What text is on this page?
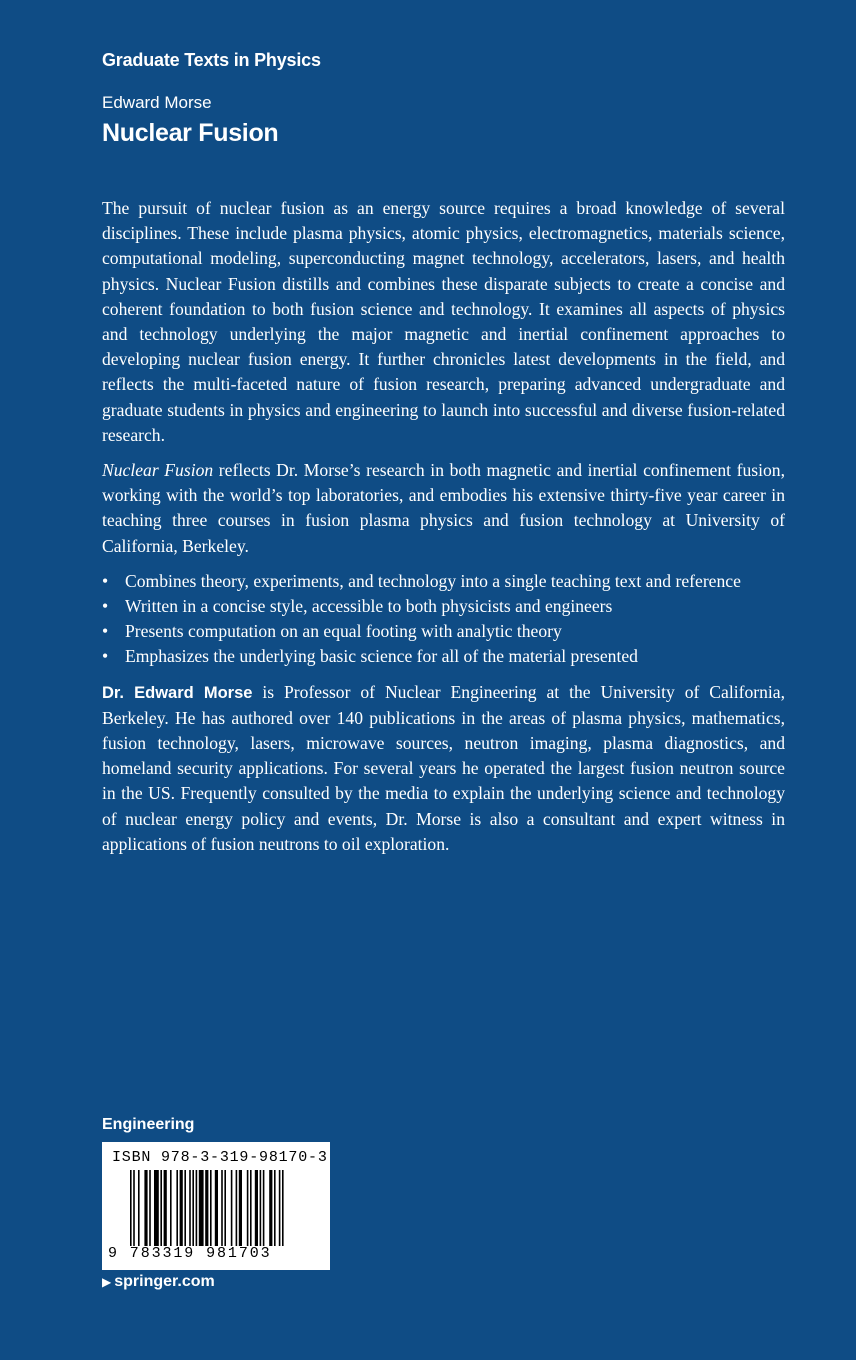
Graduate Texts in Physics
Edward Morse
Nuclear Fusion

The pursuit of nuclear fusion as an energy source requires a broad knowledge of several disciplines. These include plasma physics, atomic physics, electromagnetics, materials science, computational modeling, superconducting magnet technology, accelerators, lasers, and health physics. Nuclear Fusion distills and combines these disparate subjects to create a concise and coherent foundation to both fusion science and technology. It examines all aspects of physics and technology underlying the major magnetic and inertial confinement approaches to developing nuclear fusion energy. It further chronicles latest developments in the field, and reflects the multi-faceted nature of fusion research, preparing advanced undergraduate and graduate students in physics and engineering to launch into successful and diverse fusion-related research.

Nuclear Fusion reflects Dr. Morse’s research in both magnetic and inertial confinement fusion, working with the world’s top laboratories, and embodies his extensive thirty-five year career in teaching three courses in fusion plasma physics and fusion technology at University of California, Berkeley.

• Combines theory, experiments, and technology into a single teaching text and reference
• Written in a concise style, accessible to both physicists and engineers
• Presents computation on an equal footing with analytic theory
• Emphasizes the underlying basic science for all of the material presented

Dr. Edward Morse is Professor of Nuclear Engineering at the University of California, Berkeley. He has authored over 140 publications in the areas of plasma physics, mathematics, fusion technology, lasers, microwave sources, neutron imaging, plasma diagnostics, and homeland security applications. For several years he operated the largest fusion neutron source in the US. Frequently consulted by the media to explain the underlying science and technology of nuclear energy policy and events, Dr. Morse is also a consultant and expert witness in applications of fusion neutrons to oil exploration.

Engineering
ISBN 978-3-319-98170-3
9 783319 981703
▶ springer.com
